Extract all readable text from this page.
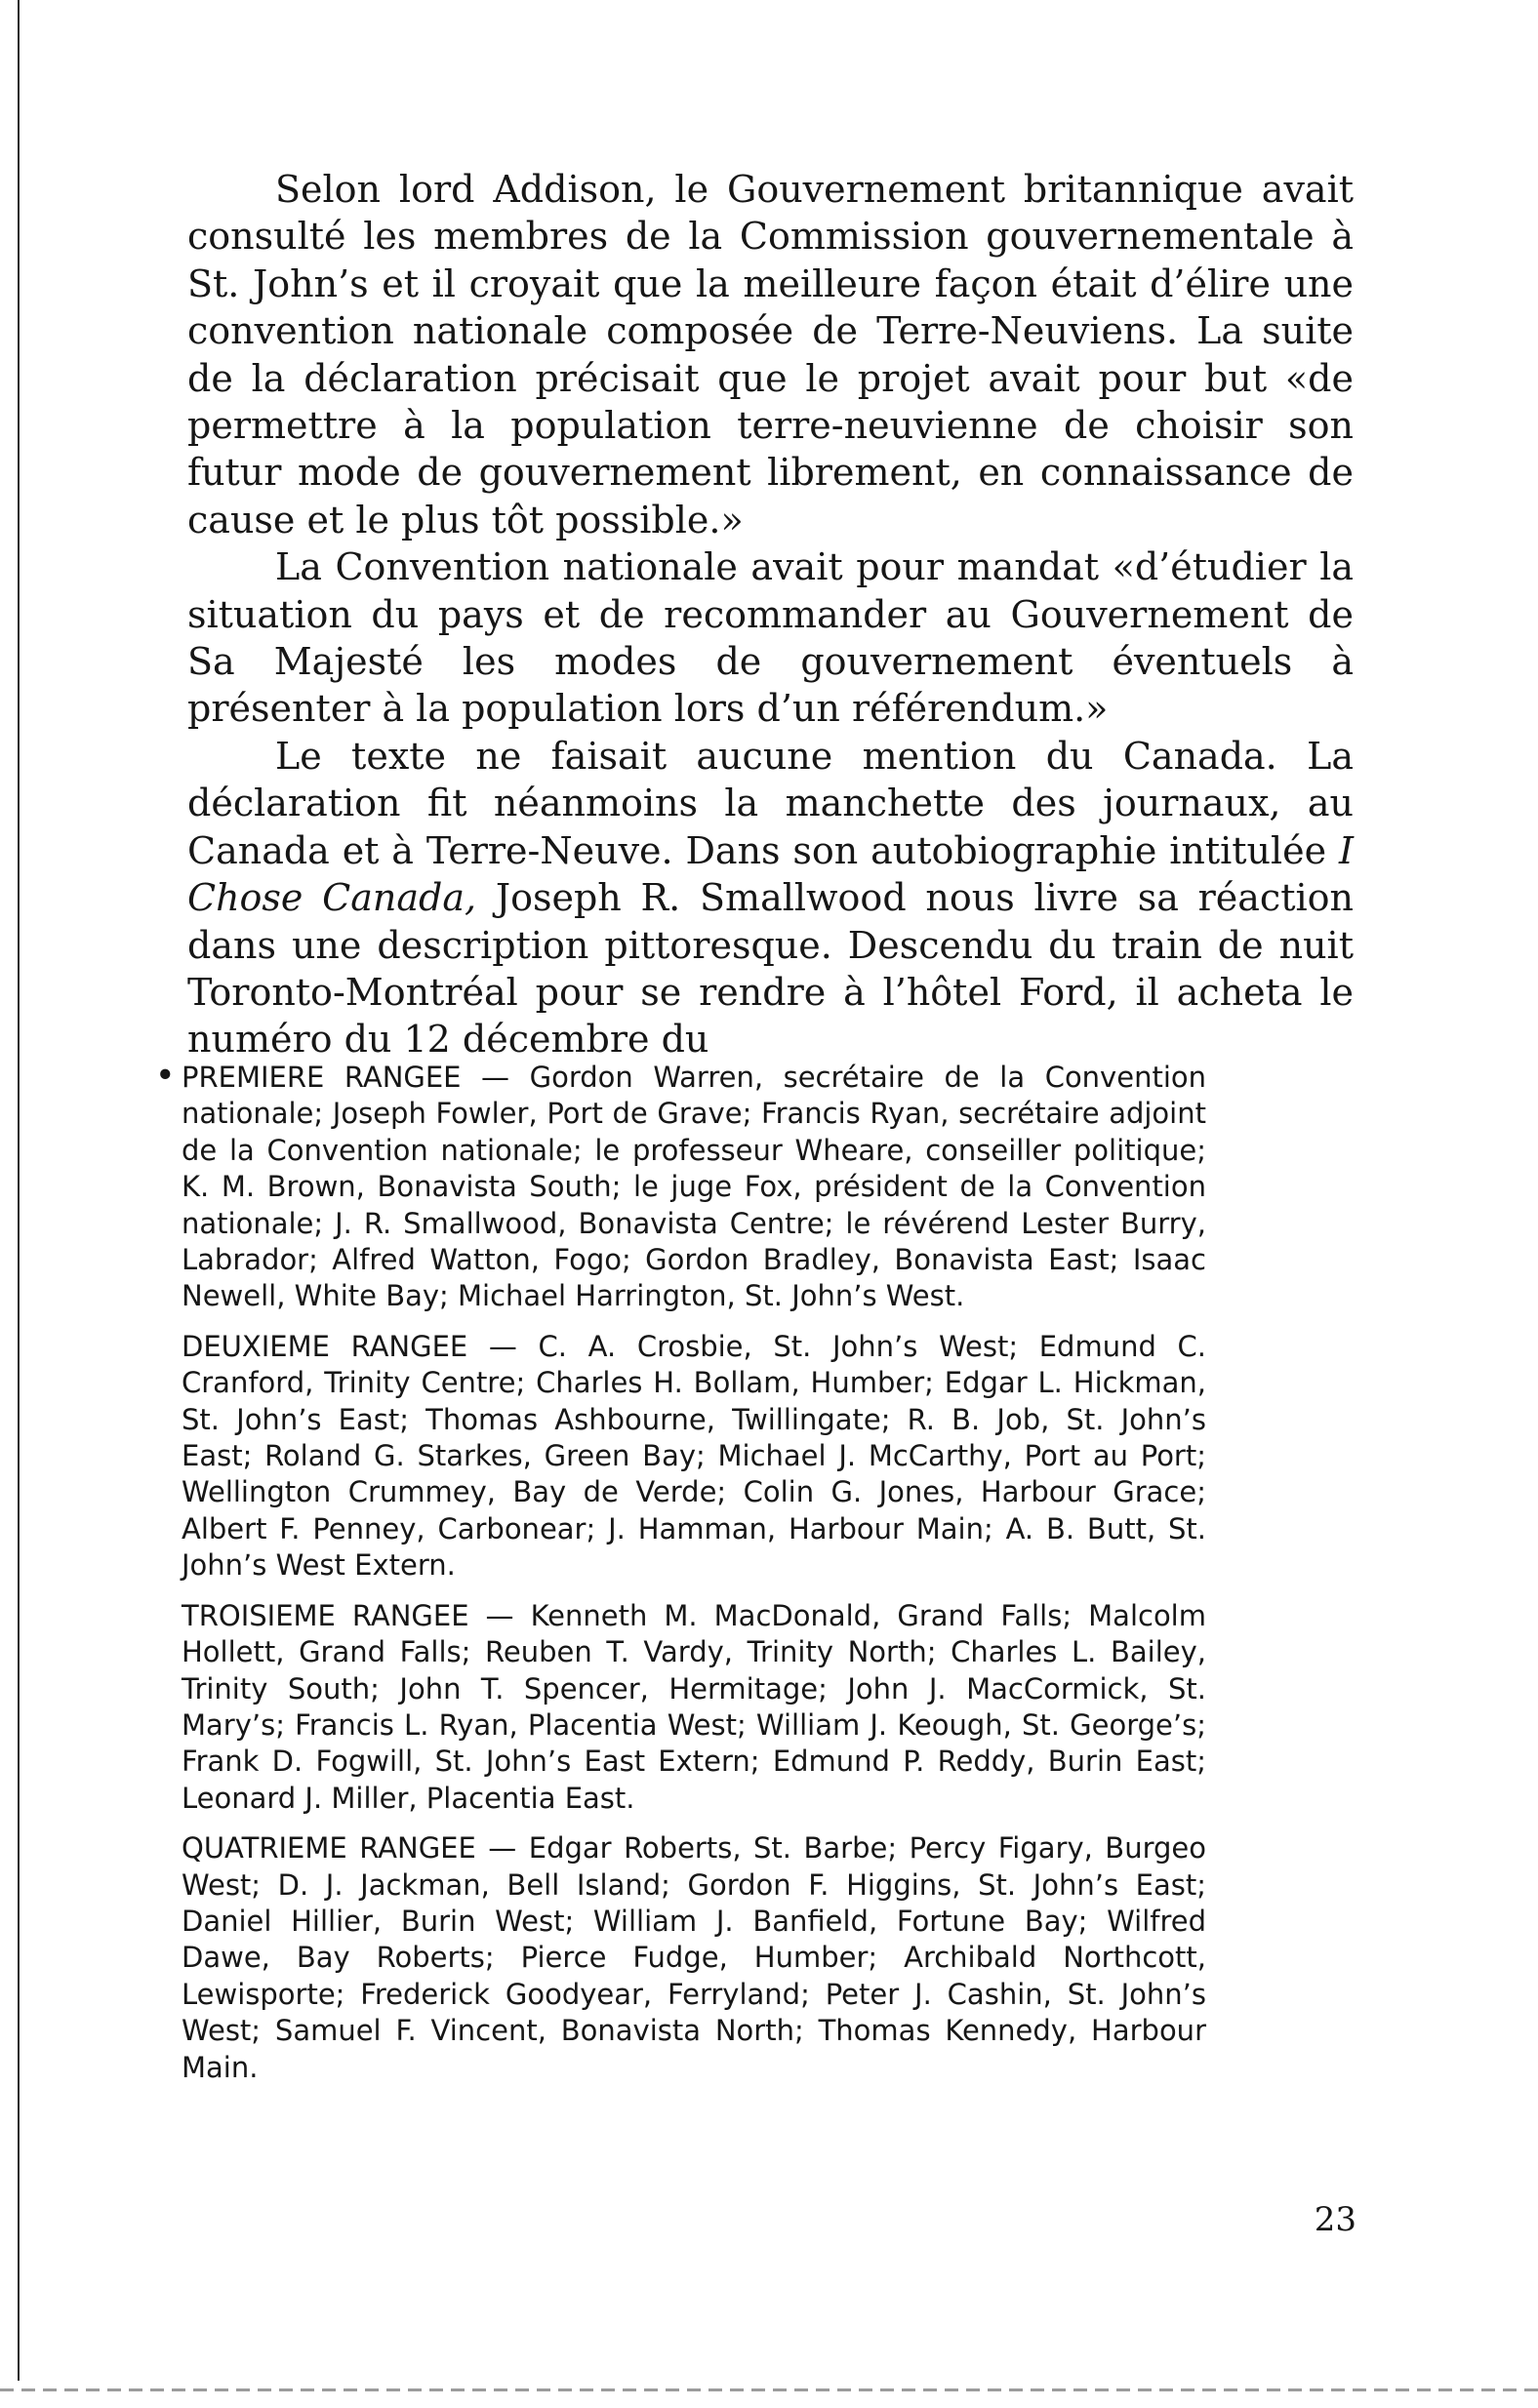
Selon lord Addison, le Gouvernement britannique avait consulté les membres de la Commission gouvernementale à St. John’s et il croyait que la meilleure façon était d’élire une convention nationale composée de Terre-Neuviens. La suite de la déclaration précisait que le projet avait pour but «de permettre à la population terre-neuvienne de choisir son futur mode de gouvernement librement, en connaissance de cause et le plus tôt possible.»

La Convention nationale avait pour mandat «d’étudier la situation du pays et de recommander au Gouvernement de Sa Majesté les modes de gouvernement éventuels à présenter à la population lors d’un référendum.»

Le texte ne faisait aucune mention du Canada. La déclaration fit néanmoins la manchette des journaux, au Canada et à Terre-Neuve. Dans son autobiographie intitulée I Chose Canada, Joseph R. Smallwood nous livre sa réaction dans une description pittoresque. Descendu du train de nuit Toronto-Montréal pour se rendre à l’hôtel Ford, il acheta le numéro du 12 décembre du

• PREMIERE RANGEE — Gordon Warren, secrétaire de la Convention nationale; Joseph Fowler, Port de Grave; Francis Ryan, secrétaire adjoint de la Convention nationale; le professeur Wheare, conseiller politique; K. M. Brown, Bonavista South; le juge Fox, président de la Convention nationale; J. R. Smallwood, Bonavista Centre; le révérend Lester Burry, Labrador; Alfred Watton, Fogo; Gordon Bradley, Bonavista East; Isaac Newell, White Bay; Michael Harrington, St. John’s West.

DEUXIEME RANGEE — C. A. Crosbie, St. John’s West; Edmund C. Cranford, Trinity Centre; Charles H. Bollam, Humber; Edgar L. Hickman, St. John’s East; Thomas Ashbourne, Twillingate; R. B. Job, St. John’s East; Roland G. Starkes, Green Bay; Michael J. McCarthy, Port au Port; Wellington Crummey, Bay de Verde; Colin G. Jones, Harbour Grace; Albert F. Penney, Carbonear; J. Hamman, Harbour Main; A. B. Butt, St. John’s West Extern.

TROISIEME RANGEE — Kenneth M. MacDonald, Grand Falls; Malcolm Hollett, Grand Falls; Reuben T. Vardy, Trinity North; Charles L. Bailey, Trinity South; John T. Spencer, Hermitage; John J. MacCormick, St. Mary’s; Francis L. Ryan, Placentia West; William J. Keough, St. George’s; Frank D. Fogwill, St. John’s East Extern; Edmund P. Reddy, Burin East; Leonard J. Miller, Placentia East.

QUATRIEME RANGEE — Edgar Roberts, St. Barbe; Percy Figary, Burgeo West; D. J. Jackman, Bell Island; Gordon F. Higgins, St. John’s East; Daniel Hillier, Burin West; William J. Banfield, Fortune Bay; Wilfred Dawe, Bay Roberts; Pierce Fudge, Humber; Archibald Northcott, Lewisporte; Frederick Goodyear, Ferryland; Peter J. Cashin, St. John’s West; Samuel F. Vincent, Bonavista North; Thomas Kennedy, Harbour Main.

23
